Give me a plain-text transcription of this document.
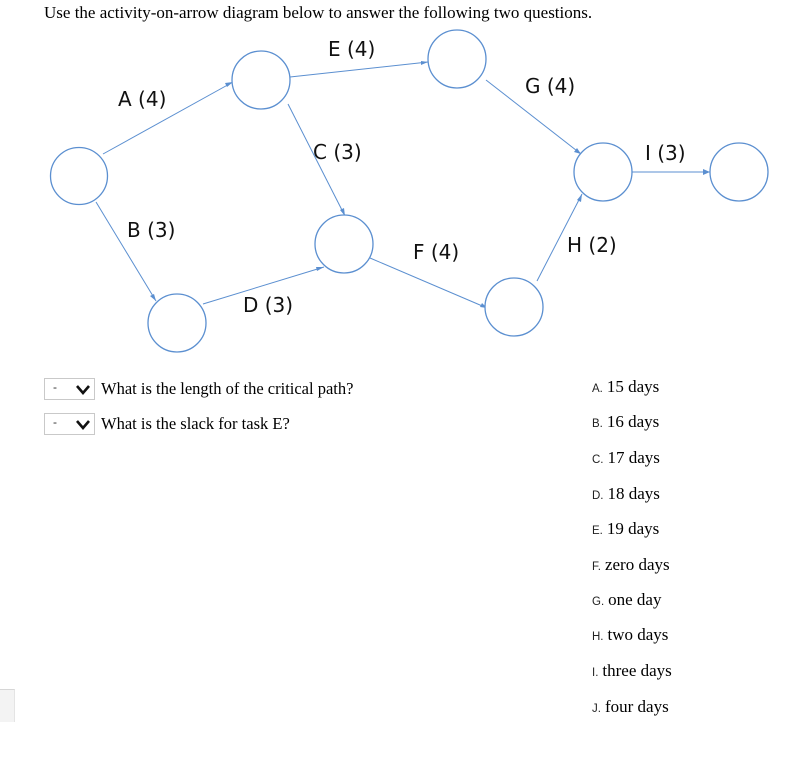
Use the activity-on-arrow diagram below to answer the following two questions.
A (4)
B (3)
C (3)
D (3)
E (4)
F (4)
G (4)
H (2)
I (3)
-	What is the length of the critical path?
-	What is the slack for task E?
A. 15 days
B. 16 days
C. 17 days
D. 18 days
E. 19 days
F. zero days
G. one day
H. two days
I. three days
J. four days
